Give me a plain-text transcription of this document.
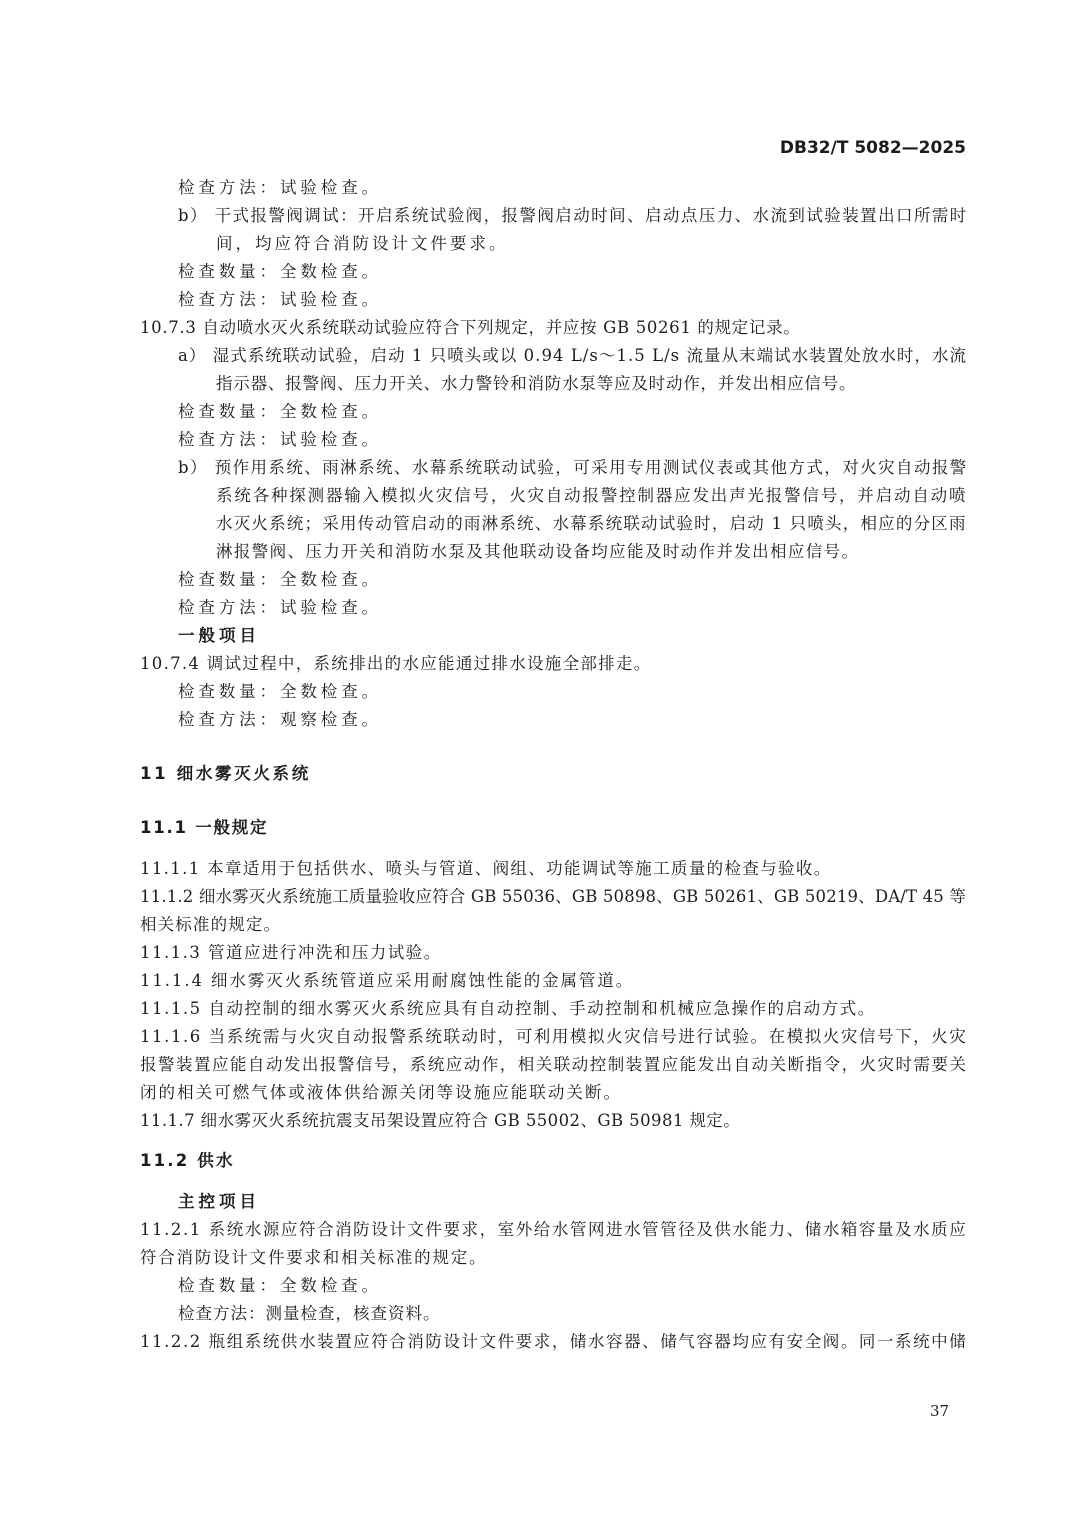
DB32/T 5082—2025
检查方法：试验检查。
b） 干式报警阀调试：开启系统试验阀，报警阀启动时间、启动点压力、水流到试验装置出口所需时
间，均应符合消防设计文件要求。
检查数量：全数检查。
检查方法：试验检查。
10.7.3 自动喷水灭火系统联动试验应符合下列规定，并应按 GB 50261 的规定记录。
a） 湿式系统联动试验，启动 1 只喷头或以 0.94 L/s～1.5 L/s 流量从末端试水装置处放水时，水流
指示器、报警阀、压力开关、水力警铃和消防水泵等应及时动作，并发出相应信号。
检查数量：全数检查。
检查方法：试验检查。
b） 预作用系统、雨淋系统、水幕系统联动试验，可采用专用测试仪表或其他方式，对火灾自动报警
系统各种探测器输入模拟火灾信号，火灾自动报警控制器应发出声光报警信号，并启动自动喷
水灭火系统；采用传动管启动的雨淋系统、水幕系统联动试验时，启动 1 只喷头，相应的分区雨
淋报警阀、压力开关和消防水泵及其他联动设备均应能及时动作并发出相应信号。
检查数量：全数检查。
检查方法：试验检查。
一般项目
10.7.4 调试过程中，系统排出的水应能通过排水设施全部排走。
检查数量：全数检查。
检查方法：观察检查。
11 细水雾灭火系统
11.1 一般规定
11.1.1 本章适用于包括供水、喷头与管道、阀组、功能调试等施工质量的检查与验收。
11.1.2 细水雾灭火系统施工质量验收应符合 GB 55036、GB 50898、GB 50261、GB 50219、DA/T 45 等
相关标准的规定。
11.1.3 管道应进行冲洗和压力试验。
11.1.4 细水雾灭火系统管道应采用耐腐蚀性能的金属管道。
11.1.5 自动控制的细水雾灭火系统应具有自动控制、手动控制和机械应急操作的启动方式。
11.1.6 当系统需与火灾自动报警系统联动时，可利用模拟火灾信号进行试验。在模拟火灾信号下，火灾
报警装置应能自动发出报警信号，系统应动作，相关联动控制装置应能发出自动关断指令，火灾时需要关
闭的相关可燃气体或液体供给源关闭等设施应能联动关断。
11.1.7 细水雾灭火系统抗震支吊架设置应符合 GB 55002、GB 50981 规定。
11.2 供水
主控项目
11.2.1 系统水源应符合消防设计文件要求，室外给水管网进水管管径及供水能力、储水箱容量及水质应
符合消防设计文件要求和相关标准的规定。
检查数量：全数检查。
检查方法：测量检查，核查资料。
11.2.2 瓶组系统供水装置应符合消防设计文件要求，储水容器、储气容器均应有安全阀。同一系统中储
37
